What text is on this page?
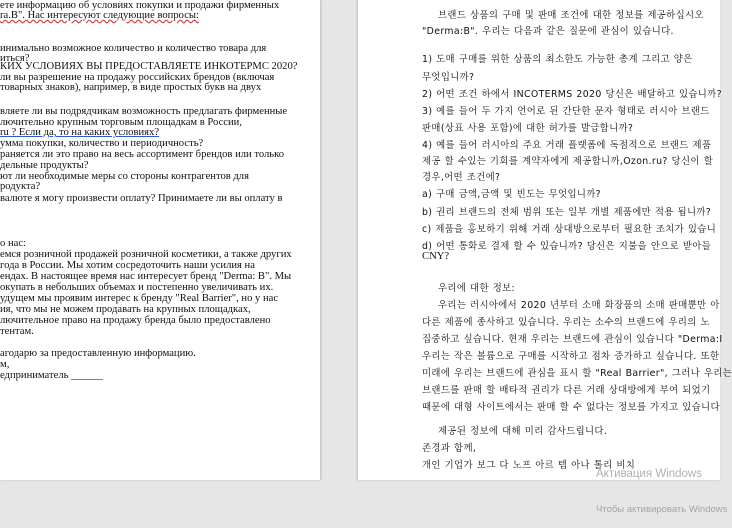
ете информацию об условиях покупки и продажи фирменных
ra.B". Нас интересуют следующие вопросы:
инимально возможное количество и количество товара для
иться?
КИХ УСЛОВИЯХ ВЫ ПРЕДОСТАВЛЯЕТЕ ИНКОТЕРМС 2020?
ли вы разрешение на продажу российских брендов (включая
товарных знаков), например, в виде простых букв на двух
вляете ли вы подрядчикам возможность предлагать фирменные
лючительно крупным торговым площадкам в России,
ru ? Если да, то на каких условиях?
умма покупки, количество и периодичность?
раняется ли это право на весь ассортимент брендов или только
дельные продукты?
ют ли необходимые меры со стороны контрагентов для
родукта?
валюте я могу произвести оплату? Принимаете ли вы оплату в
о нас:
емся розничной продажей розничной косметики, а также других
года в России. Мы хотим сосредоточить наши усилия на
ендах. В настоящее время нас интересует бренд "Derma: B". Мы
окупать в небольших объемах и постепенно увеличивать их.
удущем мы проявим интерес к бренду "Real Barrier", но у нас
ия, что мы не можем продавать на крупных площадках,
лючительное право на продажу бренда было предоставлено
тентам.
агодарю за предоставленную информацию.
м,
едприниматель ______
브랜드 상품의 구매 및 판매 조건에 대한 정보를 제공하십시오
"Derma:B". 우리는 다음과 같은 질문에 관심이 있습니다.
1) 도매 구매를 위한 상품의 최소한도 가능한 총계 그리고 양은
무엇입니까?
2) 어떤 조건 하에서 INCOTERMS 2020 당신은 배달하고 있습니까?
3) 예를 들어 두 가지 언어로 된 간단한 문자 형태로 러시아 브랜드
판매(상표 사용 포함)에 대한 허가를 발급합니까?
4) 예를 들어 러시아의 주요 거래 플랫폼에 독점적으로 브랜드 제품
제공 할 수있는 기회를 계약자에게 제공합니까,Ozon.ru? 당신이 할
경우,어떤 조건에?
a) 구매 금액,금액 및 빈도는 무엇입니까?
b) 권리 브랜드의 전체 범위 또는 일부 개별 제품에만 적용 됩니까?
c) 제품을 홍보하기 위해 거래 상대방으로부터 필요한 조치가 있습니
d) 어떤 통화로 결제 할 수 있습니까? 당신은 지불을 안으로 받아들
CNY?
우리에 대한 정보:
우리는 러시아에서 2020 년부터 소매 화장품의 소매 판매뿐만 아
다른 제품에 종사하고 있습니다. 우리는 소수의 브랜드에 우리의 노
집중하고 싶습니다. 현재 우리는 브랜드에 관심이 있습니다 "Derma:I
우리는 작은 볼륨으로 구매를 시작하고 점차 증가하고 싶습니다. 또한
미래에 우리는 브랜드에 관심을 표시 할 "Real Barrier", 그러나 우리는
브랜드를 판매 할 배타적 권리가 다른 거래 상대방에게 부여 되었기
때문에 대형 사이트에서는 판매 할 수 없다는 정보를 가지고 있습니다
제공된 정보에 대해 미리 감사드립니다.
존경과 함께,
개인 기업가 보그 다 노프 아르 템 아나 톨리 비치

Активация Windows

Чтобы активировать Windows
